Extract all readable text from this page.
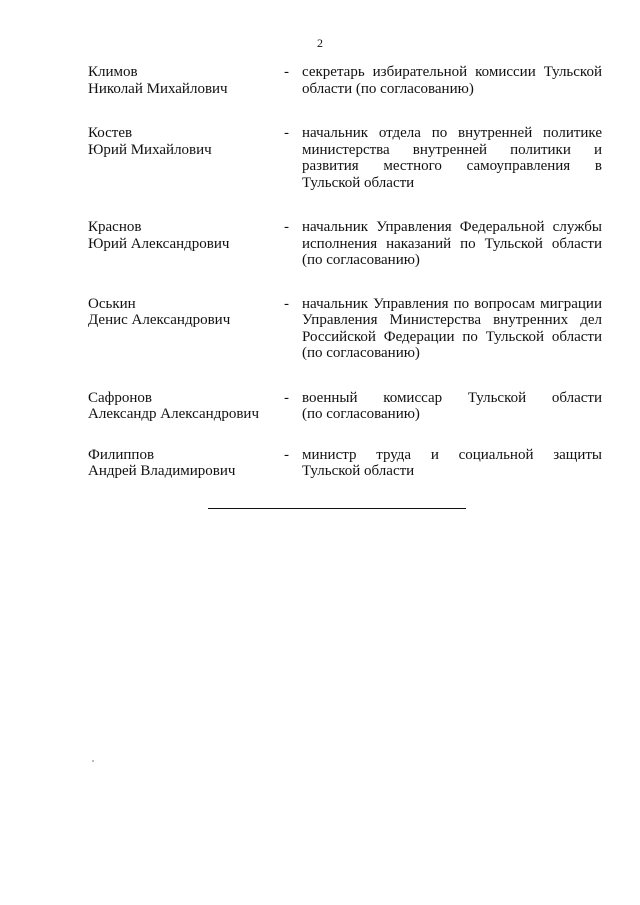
2
Климов
Николай Михайлович
- секретарь избирательной комиссии Тульской
области (по согласованию)
Костев
Юрий Михайлович
- начальник отдела по внутренней политике
министерства внутренней политики и
развития местного самоуправления в
Тульской области
Краснов
Юрий Александрович
- начальник Управления Федеральной службы
исполнения наказаний по Тульской области
(по согласованию)
Оськин
Денис Александрович
- начальник Управления по вопросам миграции
Управления Министерства внутренних дел
Российской Федерации по Тульской области
(по согласованию)
Сафронов
Александр Александрович
- военный комиссар Тульской области
(по согласованию)
Филиппов
Андрей Владимирович
- министр труда и социальной защиты
Тульской области
